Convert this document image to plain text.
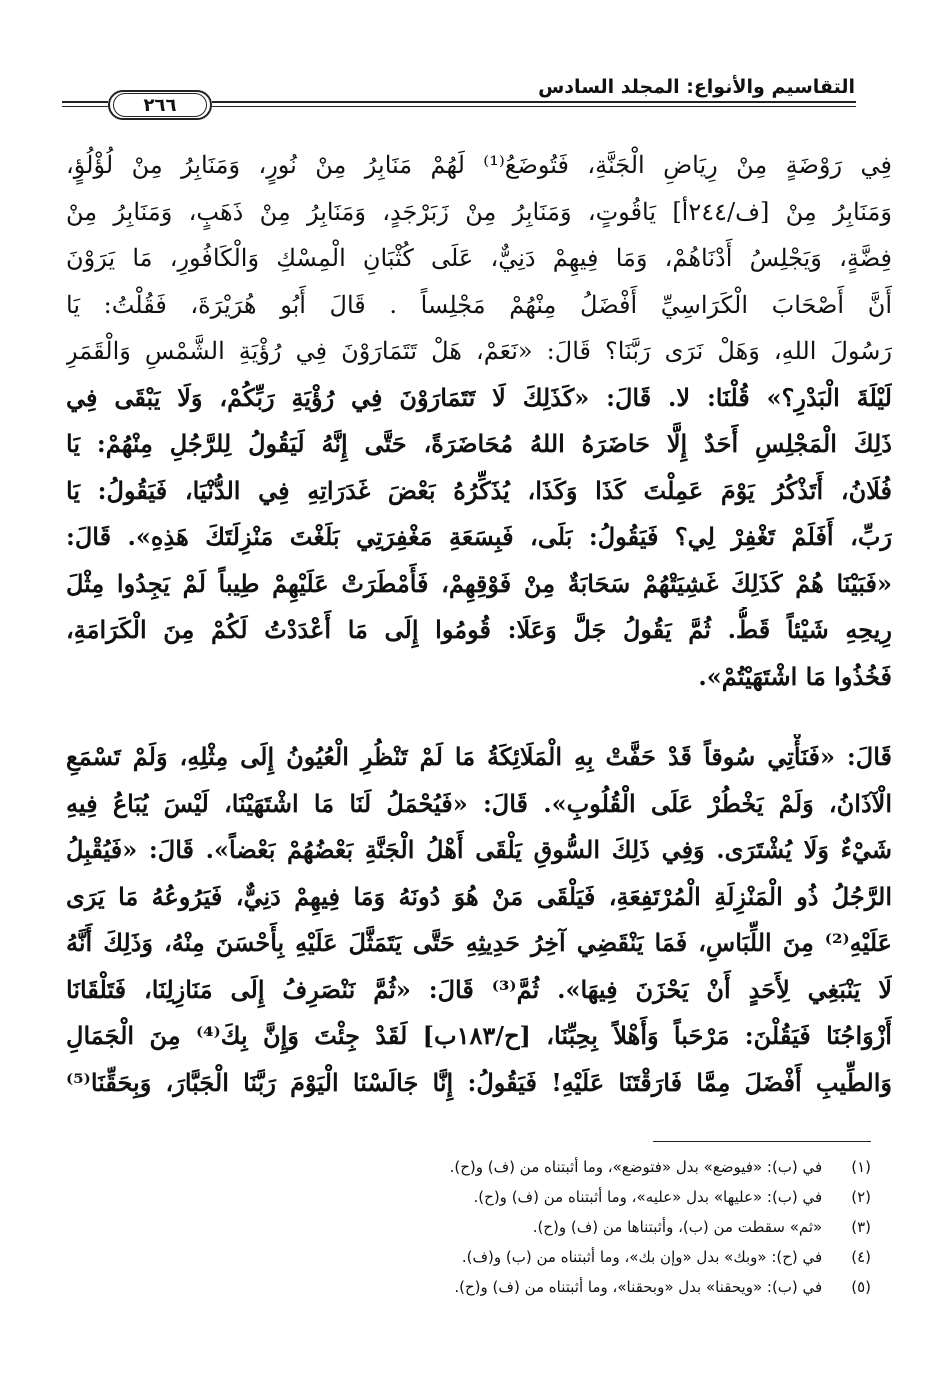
التقاسيم والأنواع: المجلد السادس
٢٦٦
فِي رَوْضَةٍ مِنْ رِيَاضِ الْجَنَّةِ، فَتُوضَعُ⁽¹⁾ لَهُمْ مَنَابِرُ مِنْ نُورٍ، وَمَنَابِرُ مِنْ لُؤْلُؤٍ،
وَمَنَابِرُ مِنْ [ف/٢٤٤أ] يَاقُوتٍ، وَمَنَابِرُ مِنْ زَبَرْجَدٍ، وَمَنَابِرُ مِنْ ذَهَبٍ، وَمَنَابِرُ مِنْ
فِضَّةٍ، وَيَجْلِسُ أَدْنَاهُمْ، وَمَا فِيهِمْ دَنِيٌّ، عَلَى كُثْبَانِ الْمِسْكِ وَالْكَافُورِ، مَا يَرَوْنَ
أَنَّ أَصْحَابَ الْكَرَاسِيِّ أَفْضَلُ مِنْهُمْ مَجْلِساً . قَالَ أَبُو هُرَيْرَةَ، فَقُلْتُ: يَا
رَسُولَ اللهِ، وَهَلْ نَرَى رَبَّنَا؟ قَالَ: «نَعَمْ، هَلْ تَتَمَارَوْنَ فِي رُؤْيَةِ الشَّمْسِ وَالْقَمَرِ
لَيْلَةَ الْبَدْرِ؟» قُلْنَا: لا. قَالَ: «كَذَلِكَ لَا تَتَمَارَوْنَ فِي رُؤْيَةِ رَبِّكُمْ، وَلَا يَبْقَى فِي
ذَلِكَ الْمَجْلِسِ أَحَدٌ إِلَّا حَاضَرَهُ اللهُ مُحَاضَرَةً، حَتَّى إِنَّهُ لَيَقُولُ لِلرَّجُلِ مِنْهُمْ: يَا
فُلَانُ، أَتَذْكُرُ يَوْمَ عَمِلْتَ كَذَا وَكَذَا، يُذَكِّرُهُ بَعْضَ غَدَرَاتِهِ فِي الدُّنْيَا، فَيَقُولُ: يَا
رَبِّ، أَفَلَمْ تَغْفِرْ لِي؟ فَيَقُولُ: بَلَى، فَبِسَعَةِ مَغْفِرَتِي بَلَغْتَ مَنْزِلَتَكَ هَذِهِ». قَالَ:
«فَبَيْنَا هُمْ كَذَلِكَ غَشِيَتْهُمْ سَحَابَةٌ مِنْ فَوْقِهِمْ، فَأَمْطَرَتْ عَلَيْهِمْ طِيباً لَمْ يَجِدُوا مِثْلَ
رِيحِهِ شَيْئاً قَطُّ. ثُمَّ يَقُولُ جَلَّ وَعَلَا: قُومُوا إِلَى مَا أَعْدَدْتُ لَكُمْ مِنَ الْكَرَامَةِ،
فَخُذُوا مَا اشْتَهَيْتُمْ».
قَالَ: «فَنَأْتِي سُوقاً قَدْ حَفَّتْ بِهِ الْمَلَائِكَةُ مَا لَمْ تَنْظُرِ الْعُيُونُ إِلَى مِثْلِهِ، وَلَمْ تَسْمَعِ
الْآذَانُ، وَلَمْ يَخْطُرْ عَلَى الْقُلُوبِ». قَالَ: «فَيُحْمَلُ لَنَا مَا اشْتَهَيْنَا، لَيْسَ يُبَاعُ فِيهِ
شَيْءٌ وَلَا يُشْتَرَى. وَفِي ذَلِكَ السُّوقِ يَلْقَى أَهْلُ الْجَنَّةِ بَعْضُهُمْ بَعْضاً». قَالَ: «فَيُقْبِلُ
الرَّجُلُ ذُو الْمَنْزِلَةِ الْمُرْتَفِعَةِ، فَيَلْقَى مَنْ هُوَ دُونَهُ وَمَا فِيهِمْ دَنِيٌّ، فَيَرُوعُهُ مَا يَرَى
عَلَيْهِ⁽²⁾ مِنَ اللِّبَاسِ، فَمَا يَنْقَضِي آخِرُ حَدِيثِهِ حَتَّى يَتَمَثَّلَ عَلَيْهِ بِأَحْسَنَ مِنْهُ، وَذَلِكَ أَنَّهُ
لَا يَنْبَغِي لِأَحَدٍ أَنْ يَحْزَنَ فِيهَا». ثُمَّ⁽³⁾ قَالَ: «ثُمَّ نَنْصَرِفُ إِلَى مَنَازِلِنَا، فَتَلْقَانَا
أَزْوَاجُنَا فَيَقُلْنَ: مَرْحَباً وَأَهْلاً بِحِبِّنَا، [ح/١٨٣ب] لَقَدْ جِئْتَ وَإِنَّ بِكَ⁽⁴⁾ مِنَ الْجَمَالِ
وَالطِّيبِ أَفْضَلَ مِمَّا فَارَقْتَنَا عَلَيْهِ! فَيَقُولُ: إِنَّا جَالَسْنَا الْيَوْمَ رَبَّنَا الْجَبَّارَ، وَبِحَقِّنَا⁽⁵⁾
(١) في (ب): «فيوضع» بدل «فتوضع»، وما أثبتناه من (ف) و(ح).
(٢) في (ب): «عليها» بدل «عليه»، وما أثبتناه من (ف) و(ح).
(٣) «ثم» سقطت من (ب)، وأثبتناها من (ف) و(ح).
(٤) في (ح): «وبك» بدل «وإن بك»، وما أثبتناه من (ب) و(ف).
(٥) في (ب): «ويحقنا» بدل «وبحقنا»، وما أثبتناه من (ف) و(ح).
